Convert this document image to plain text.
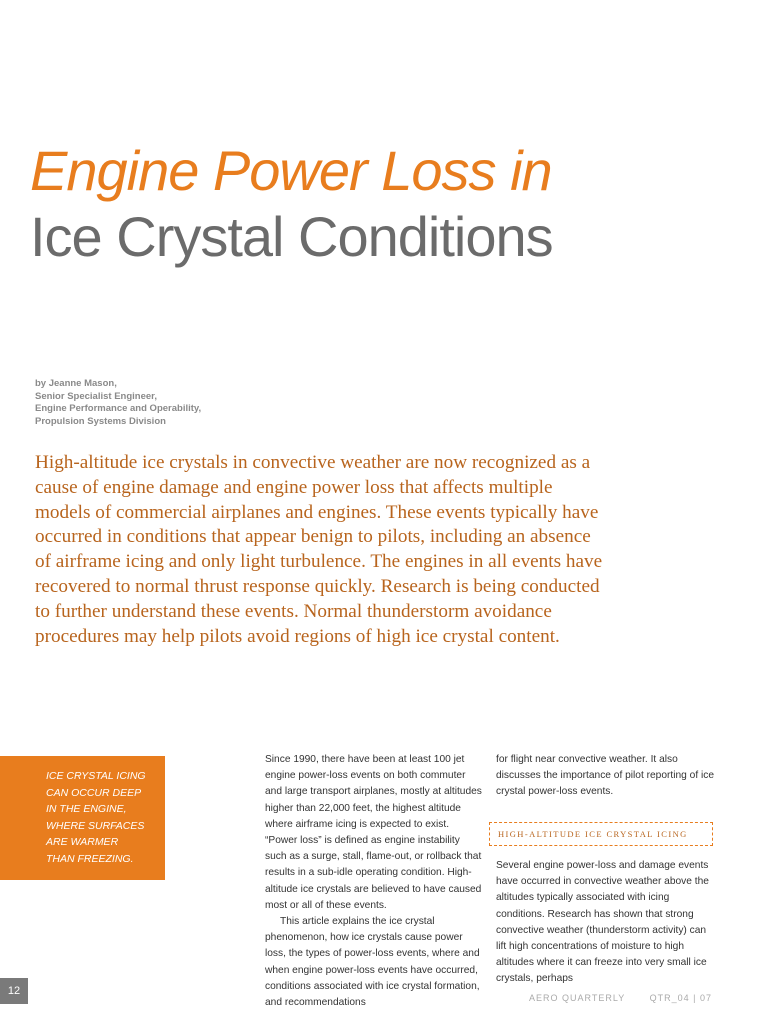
Engine Power Loss in
Ice Crystal Conditions
by Jeanne Mason,
Senior Specialist Engineer,
Engine Performance and Operability,
Propulsion Systems Division

High-altitude ice crystals in convective weather are now recognized as a cause of engine damage and engine power loss that affects multiple models of commercial airplanes and engines. These events typically have occurred in conditions that appear benign to pilots, including an absence of airframe icing and only light turbulence. The engines in all events have recovered to normal thrust response quickly. Research is being conducted to further understand these events. Normal thunderstorm avoidance procedures may help pilots avoid regions of high ice crystal content.

ICE CRYSTAL ICING
CAN OCCUR DEEP
IN THE ENGINE,
WHERE SURFACES
ARE WARMER
THAN FREEZING.

Since 1990, there have been at least 100 jet engine power-loss events on both commuter and large transport airplanes, mostly at altitudes higher than 22,000 feet, the highest altitude where airframe icing is expected to exist. “Power loss” is defined as engine instability such as a surge, stall, flame-out, or rollback that results in a sub-idle operating condition. High-altitude ice crystals are believed to have caused most or all of these events.

This article explains the ice crystal phenomenon, how ice crystals cause power loss, the types of power-loss events, where and when engine power-loss events have occurred, conditions associated with ice crystal formation, and recommendations

for flight near convective weather. It also discusses the importance of pilot reporting of ice crystal power-loss events.

HIGH-ALTITUDE ICE CRYSTAL ICING

Several engine power-loss and damage events have occurred in convective weather above the altitudes typically associated with icing conditions. Research has shown that strong convective weather (thunderstorm activity) can lift high concentrations of moisture to high altitudes where it can freeze into very small ice crystals, perhaps

12
AERO QUARTERLY	QTR_04 | 07
